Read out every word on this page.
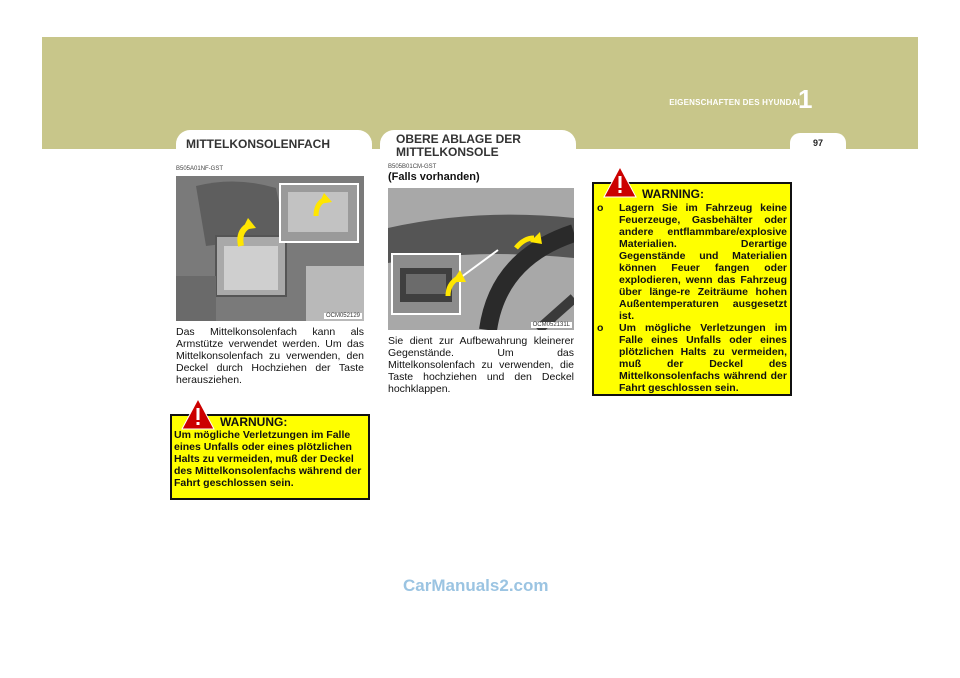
EIGENSCHAFTEN DES HYUNDAI
1
97
MITTELKONSOLENFACH
B505A01NF-GST
OCM052129
Das Mittelkonsolenfach kann als Armstütze verwendet werden. Um das Mittelkonsolenfach zu verwenden, den Deckel durch Hochziehen der Taste herausziehen.
WARNUNG:
Um mögliche Verletzungen im Falle eines Unfalls oder eines plötzlichen Halts zu vermeiden, muß der Deckel des Mittelkonsolenfachs während der Fahrt geschlossen sein.
OBERE ABLAGE DER
MITTELKONSOLE
B505B01CM-GST
(Falls vorhanden)
OCM052131L
Sie dient zur Aufbewahrung kleinerer Gegenstände. Um das Mittelkonsolenfach zu verwenden, die Taste hochziehen und den Deckel hochklappen.
WARNING:
o	Lagern Sie im Fahrzeug keine Feuerzeuge, Gasbehälter oder andere entflammbare/explosive Materialien. Derartige Gegenstände und Materialien können Feuer fangen oder explodieren, wenn das Fahrzeug über länge-re Zeiträume hohen Außentemperaturen ausgesetzt ist.
o	Um mögliche Verletzungen im Falle eines Unfalls oder eines plötzlichen Halts zu vermeiden, muß der Deckel des Mittelkonsolenfachs während der Fahrt geschlossen sein.
CarManuals2.com
